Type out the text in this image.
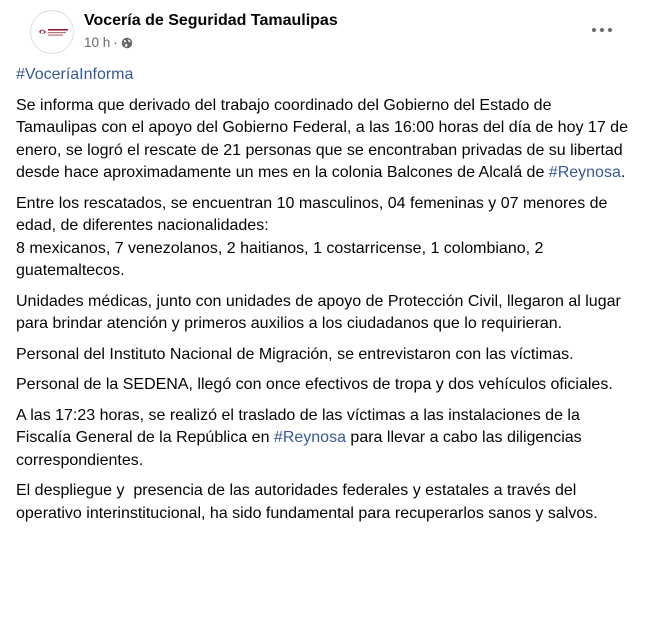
Vocería de Seguridad Tamaulipas
10 h ·

#VoceríaInforma

Se informa que derivado del trabajo coordinado del Gobierno del Estado de Tamaulipas con el apoyo del Gobierno Federal, a las 16:00 horas del día de hoy 17 de enero, se logró el rescate de 21 personas que se encontraban privadas de su libertad desde hace aproximadamente un mes en la colonia Balcones de Alcalá de #Reynosa.

Entre los rescatados, se encuentran 10 masculinos, 04 femeninas y 07 menores de edad, de diferentes nacionalidades:
8 mexicanos, 7 venezolanos, 2 haitianos, 1 costarricense, 1 colombiano, 2 guatemaltecos.

Unidades médicas, junto con unidades de apoyo de Protección Civil, llegaron al lugar para brindar atención y primeros auxilios a los ciudadanos que lo requirieran.

Personal del Instituto Nacional de Migración, se entrevistaron con las víctimas.

Personal de la SEDENA, llegó con once efectivos de tropa y dos vehículos oficiales.

A las 17:23 horas, se realizó el traslado de las víctimas a las instalaciones de la Fiscalía General de la República en #Reynosa para llevar a cabo las diligencias correspondientes.

El despliegue y  presencia de las autoridades federales y estatales a través del operativo interinstitucional, ha sido fundamental para recuperarlos sanos y salvos.
